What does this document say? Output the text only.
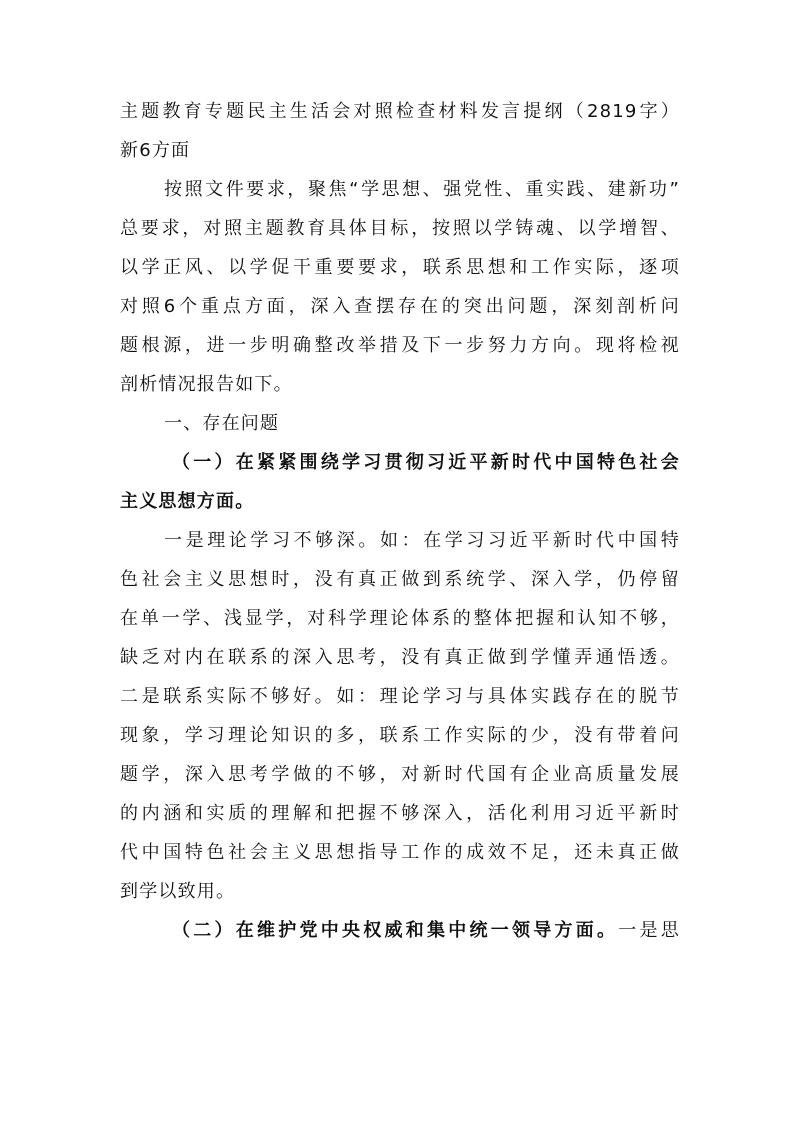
主题教育专题民主生活会对照检查材料发言提纲（2819字）
新6方面
按照文件要求，聚焦“学思想、强党性、重实践、建新功”
总要求，对照主题教育具体目标，按照以学铸魂、以学增智、
以学正风、以学促干重要要求，联系思想和工作实际，逐项
对照6个重点方面，深入查摆存在的突出问题，深刻剖析问
题根源，进一步明确整改举措及下一步努力方向。现将检视
剖析情况报告如下。
一、存在问题
（一）在紧紧围绕学习贯彻习近平新时代中国特色社会
主义思想方面。
一是理论学习不够深。如：在学习习近平新时代中国特
色社会主义思想时，没有真正做到系统学、深入学，仍停留
在单一学、浅显学，对科学理论体系的整体把握和认知不够，
缺乏对内在联系的深入思考，没有真正做到学懂弄通悟透。
二是联系实际不够好。如：理论学习与具体实践存在的脱节
现象，学习理论知识的多，联系工作实际的少，没有带着问
题学，深入思考学做的不够，对新时代国有企业高质量发展
的内涵和实质的理解和把握不够深入，活化利用习近平新时
代中国特色社会主义思想指导工作的成效不足，还未真正做
到学以致用。
（二）在维护党中央权威和集中统一领导方面。一是思
